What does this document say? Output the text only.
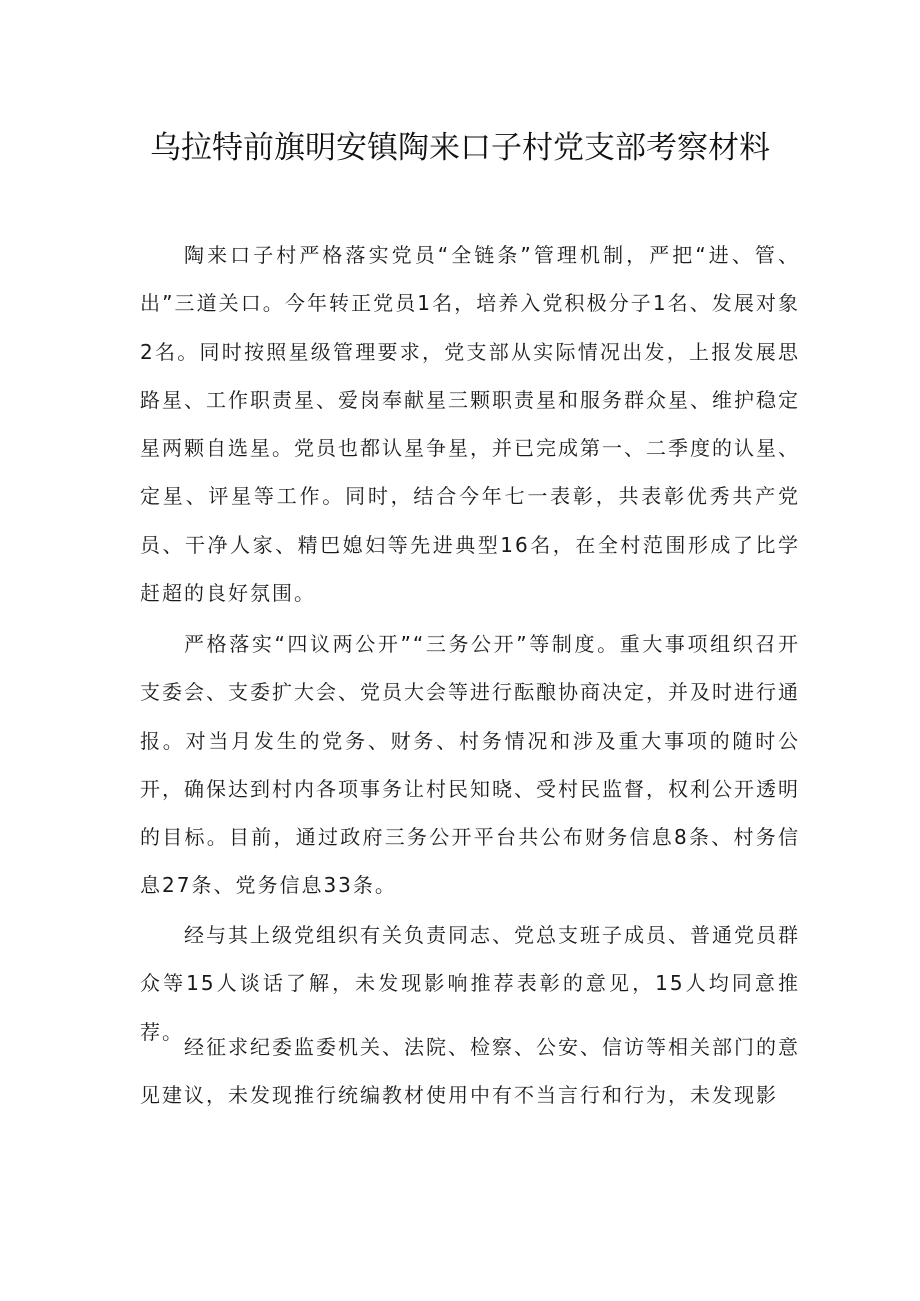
乌拉特前旗明安镇陶来口子村党支部考察材料

陶来口子村严格落实党员“全链条”管理机制，严把“进、管、出”三道关口。今年转正党员1名，培养入党积极分子1名、发展对象2名。同时按照星级管理要求，党支部从实际情况出发，上报发展思路星、工作职责星、爱岗奉献星三颗职责星和服务群众星、维护稳定星两颗自选星。党员也都认星争星，并已完成第一、二季度的认星、定星、评星等工作。同时，结合今年七一表彰，共表彰优秀共产党员、干净人家、精巴媳妇等先进典型16名，在全村范围形成了比学赶超的良好氛围。

严格落实“四议两公开”“三务公开”等制度。重大事项组织召开支委会、支委扩大会、党员大会等进行酝酿协商决定，并及时进行通报。对当月发生的党务、财务、村务情况和涉及重大事项的随时公开，确保达到村内各项事务让村民知晓、受村民监督，权利公开透明的目标。目前，通过政府三务公开平台共公布财务信息8条、村务信息27条、党务信息33条。

经与其上级党组织有关负责同志、党总支班子成员、普通党员群众等15人谈话了解，未发现影响推荐表彰的意见，15人均同意推荐。

经征求纪委监委机关、法院、检察、公安、信访等相关部门的意见建议，未发现推行统编教材使用中有不当言行和行为，未发现影
